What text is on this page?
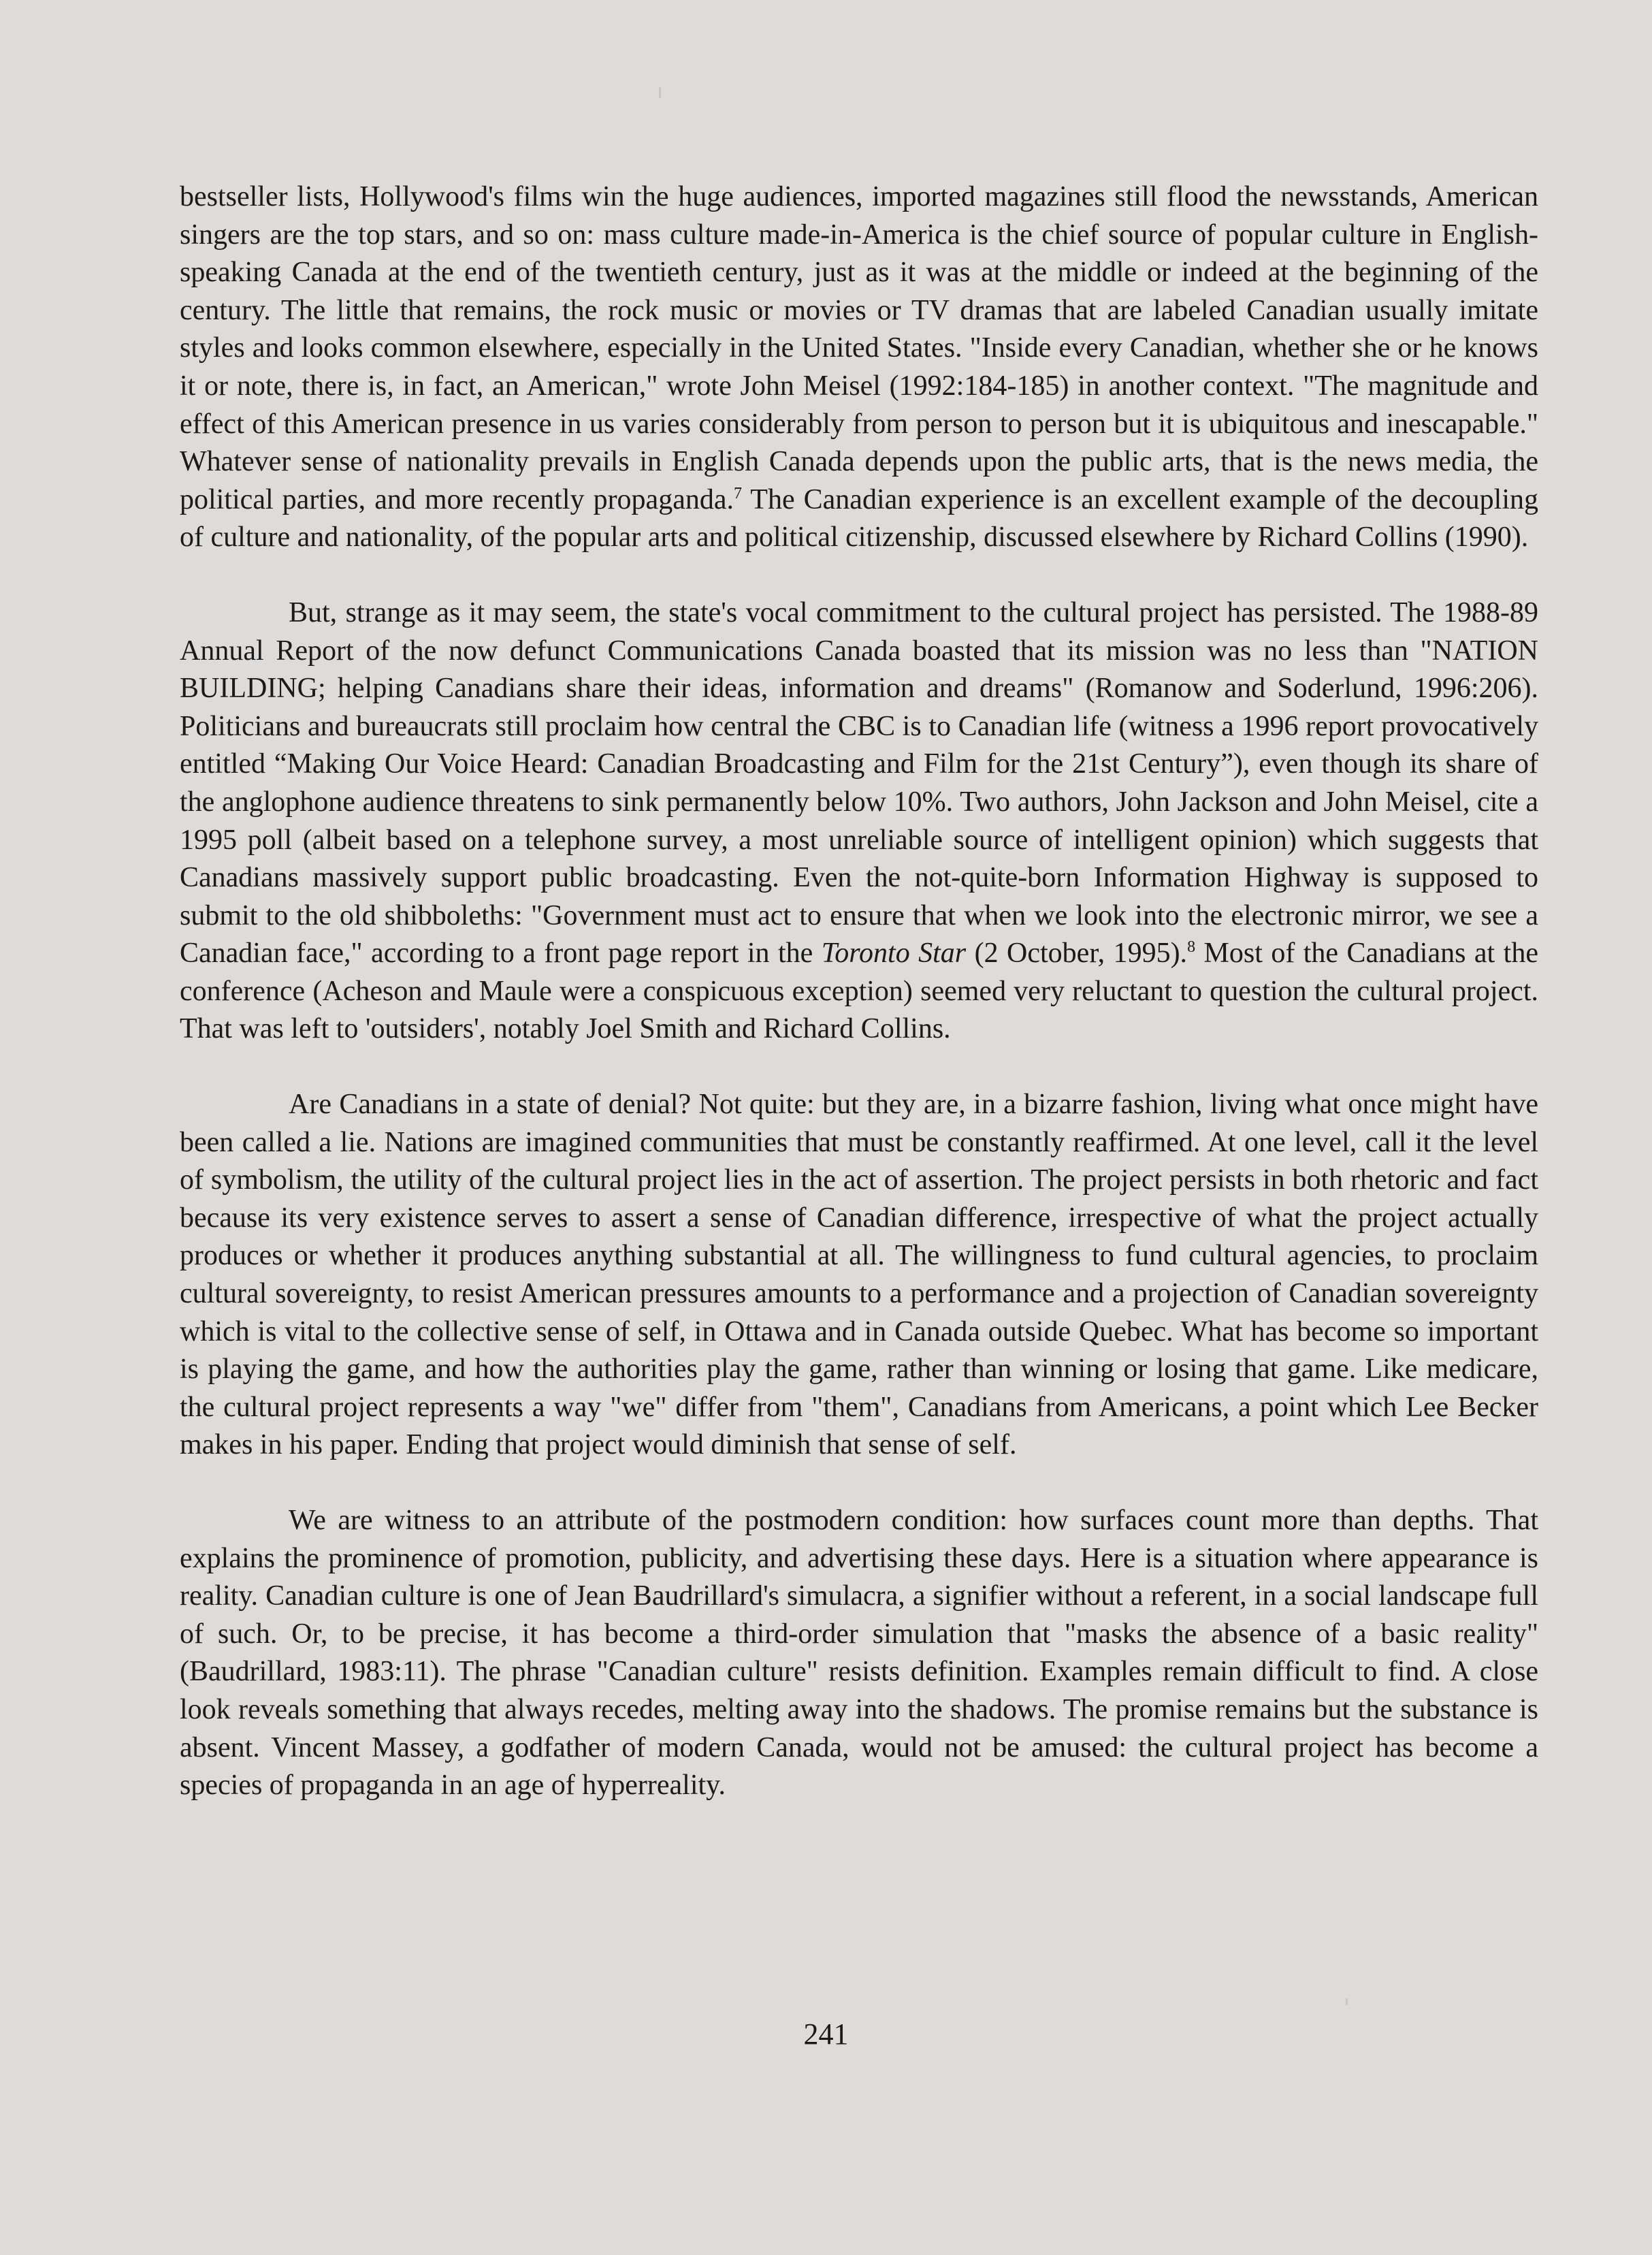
bestseller lists, Hollywood's films win the huge audiences, imported magazines still flood the newsstands, American singers are the top stars, and so on: mass culture made-in-America is the chief source of popular culture in English-speaking Canada at the end of the twentieth century, just as it was at the middle or indeed at the beginning of the century. The little that remains, the rock music or movies or TV dramas that are labeled Canadian usually imitate styles and looks common elsewhere, especially in the United States. "Inside every Canadian, whether she or he knows it or note, there is, in fact, an American," wrote John Meisel (1992:184-185) in another context. "The magnitude and effect of this American presence in us varies considerably from person to person but it is ubiquitous and inescapable." Whatever sense of nationality prevails in English Canada depends upon the public arts, that is the news media, the political parties, and more recently propaganda.$^7$ The Canadian experience is an excellent example of the decoupling of culture and nationality, of the popular arts and political citizenship, discussed elsewhere by Richard Collins (1990).

But, strange as it may seem, the state's vocal commitment to the cultural project has persisted. The 1988-89 Annual Report of the now defunct Communications Canada boasted that its mission was no less than "NATION BUILDING; helping Canadians share their ideas, information and dreams" (Romanow and Soderlund, 1996:206). Politicians and bureaucrats still proclaim how central the CBC is to Canadian life (witness a 1996 report provocatively entitled “Making Our Voice Heard: Canadian Broadcasting and Film for the 21st Century”), even though its share of the anglophone audience threatens to sink permanently below 10%. Two authors, John Jackson and John Meisel, cite a 1995 poll (albeit based on a telephone survey, a most unreliable source of intelligent opinion) which suggests that Canadians massively support public broadcasting. Even the not-quite-born Information Highway is supposed to submit to the old shibboleths: "Government must act to ensure that when we look into the electronic mirror, we see a Canadian face," according to a front page report in the Toronto Star (2 October, 1995).$^8$ Most of the Canadians at the conference (Acheson and Maule were a conspicuous exception) seemed very reluctant to question the cultural project. That was left to 'outsiders', notably Joel Smith and Richard Collins.

Are Canadians in a state of denial? Not quite: but they are, in a bizarre fashion, living what once might have been called a lie. Nations are imagined communities that must be constantly reaffirmed. At one level, call it the level of symbolism, the utility of the cultural project lies in the act of assertion. The project persists in both rhetoric and fact because its very existence serves to assert a sense of Canadian difference, irrespective of what the project actually produces or whether it produces anything substantial at all. The willingness to fund cultural agencies, to proclaim cultural sovereignty, to resist American pressures amounts to a performance and a projection of Canadian sovereignty which is vital to the collective sense of self, in Ottawa and in Canada outside Quebec. What has become so important is playing the game, and how the authorities play the game, rather than winning or losing that game. Like medicare, the cultural project represents a way "we" differ from "them", Canadians from Americans, a point which Lee Becker makes in his paper. Ending that project would diminish that sense of self.

We are witness to an attribute of the postmodern condition: how surfaces count more than depths. That explains the prominence of promotion, publicity, and advertising these days. Here is a situation where appearance is reality. Canadian culture is one of Jean Baudrillard's simulacra, a signifier without a referent, in a social landscape full of such. Or, to be precise, it has become a third-order simulation that "masks the absence of a basic reality" (Baudrillard, 1983:11). The phrase "Canadian culture" resists definition. Examples remain difficult to find. A close look reveals something that always recedes, melting away into the shadows. The promise remains but the substance is absent. Vincent Massey, a godfather of modern Canada, would not be amused: the cultural project has become a species of propaganda in an age of hyperreality.

241
